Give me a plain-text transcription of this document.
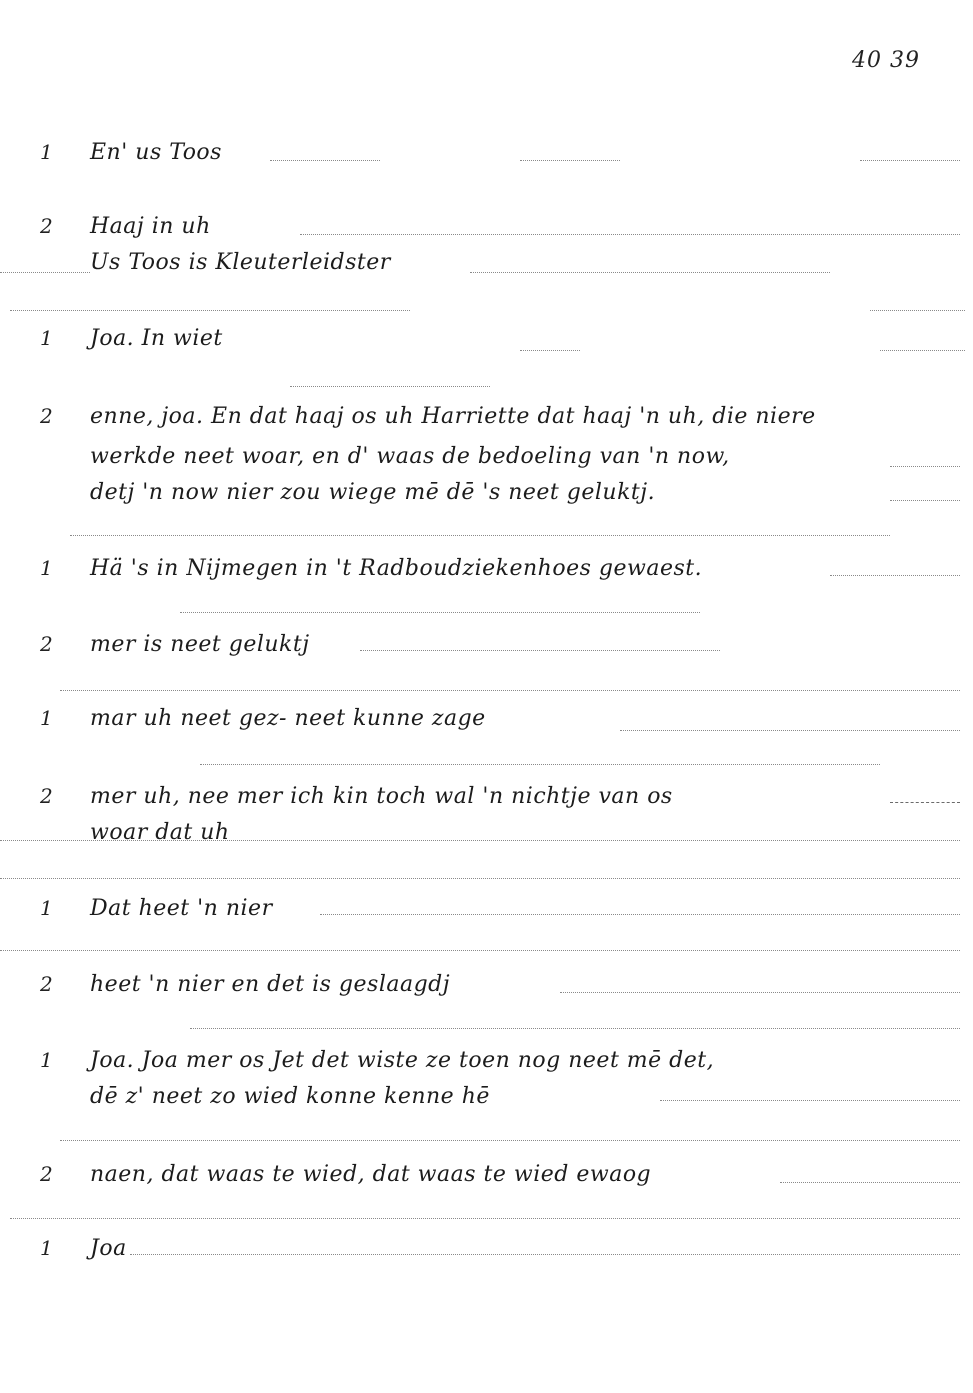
40 39
1	En' us Toos
2	Haaj in uh
Us Toos is Kleuterleidster
1	Joa. In wiet
2	enne, joa. En dat haaj os uh Harriette dat haaj 'n uh, die niere
werkde neet woar, en d' waas de bedoeling van 'n now,
detj 'n now nier zou wiege mē dē 's neet geluktj.
1	Hä 's in Nijmegen in 't Radboudziekenhoes gewaest.
2	mer is neet geluktj
1	mar uh neet gez- neet kunne zage
2	mer uh, nee mer ich kin toch wal 'n nichtje van os
woar dat uh
1	Dat heet 'n nier
2	heet 'n nier en det is geslaagdj
1	Joa. Joa mer os Jet det wiste ze toen nog neet mē det,
dē z' neet zo wied konne kenne hē
2	naen, dat waas te wied, dat waas te wied ewaog
1	Joa
